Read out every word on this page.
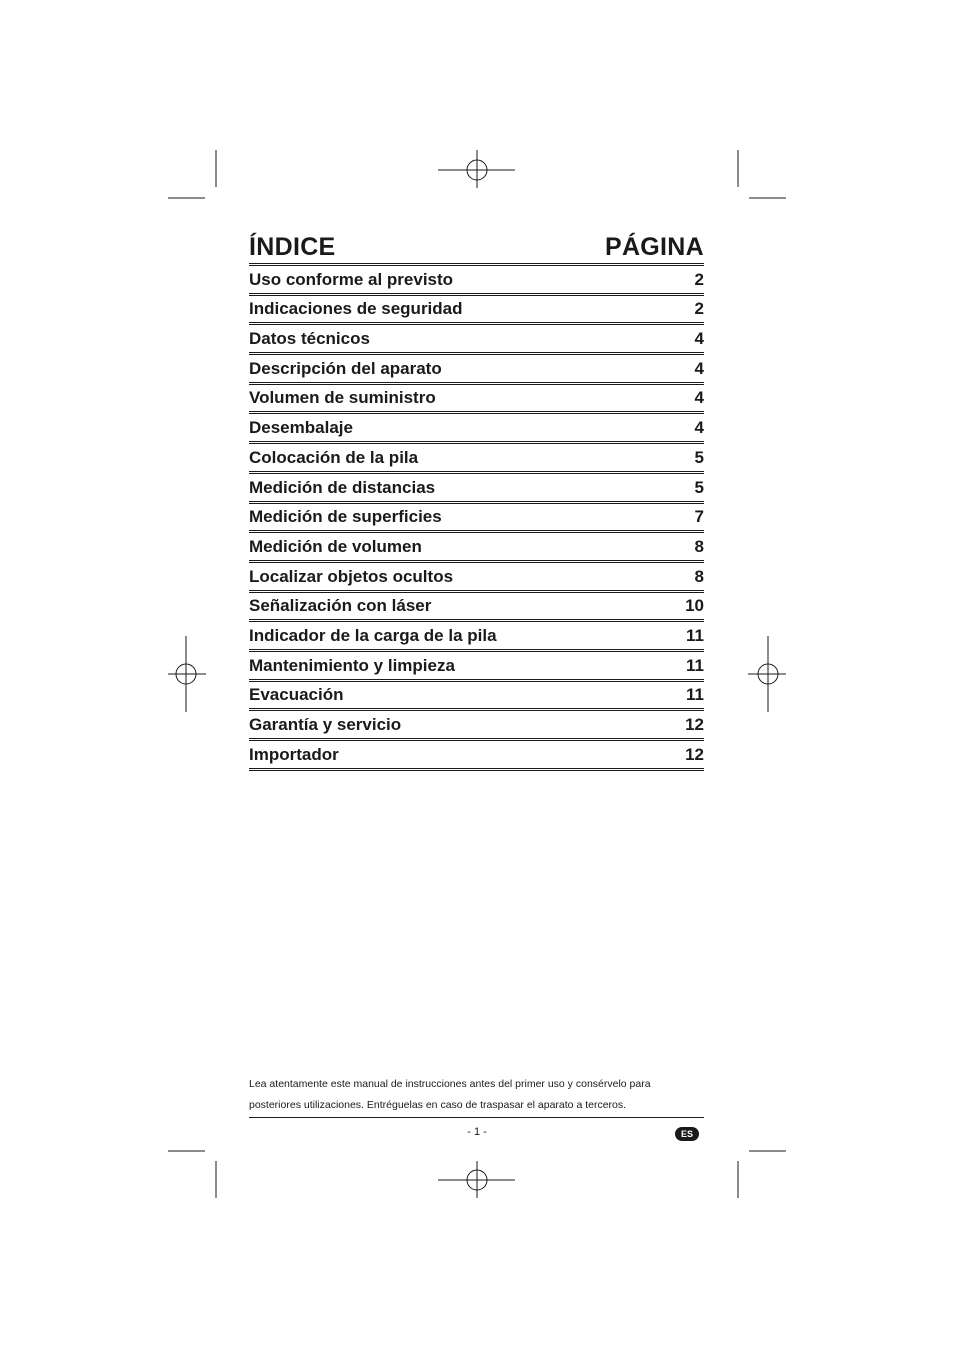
ÍNDICE	PÁGINA
Uso conforme al previsto	2
Indicaciones de seguridad	2
Datos técnicos	4
Descripción del aparato	4
Volumen de suministro	4
Desembalaje	4
Colocación de la pila	5
Medición de distancias	5
Medición de superficies	7
Medición de volumen	8
Localizar objetos ocultos	8
Señalización con láser	10
Indicador de la carga de la pila	11
Mantenimiento y limpieza	11
Evacuación	11
Garantía y servicio	12
Importador	12
Lea atentamente este manual de instrucciones antes del primer uso y consérvelo para
posteriores utilizaciones. Entréguelas en caso de traspasar el aparato a terceros.
- 1 -	ES
